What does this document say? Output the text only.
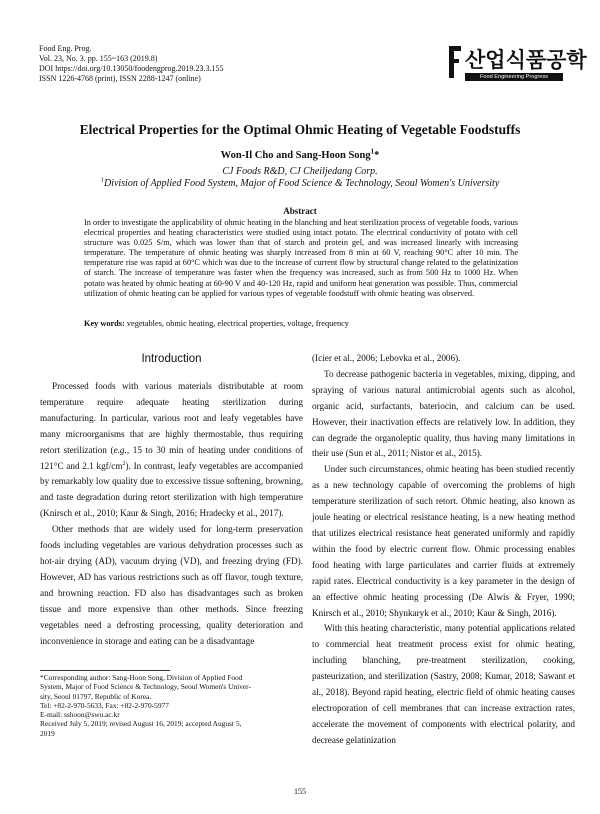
Food Eng. Prog.
Vol. 23, No. 3. pp. 155~163 (2019.8)
DOI https://doi.org/10.13050/foodengprog.2019.23.3.155
ISSN 1226-4768 (print), ISSN 2288-1247 (online)
산업식품공학
Food Engineering Progress
Electrical Properties for the Optimal Ohmic Heating of Vegetable Foodstuffs
Won-Il Cho and Sang-Hoon Song$^1$*
CJ Foods R&D, CJ Cheiljedang Corp.
$^1$Division of Applied Food System, Major of Food Science & Technology, Seoul Women's University
Abstract
In order to investigate the applicability of ohmic heating in the blanching and heat sterilization process of vegetable foods, various electrical properties and heating characteristics were studied using intact potato. The electrical conductivity of potato with cell structure was 0.025 S/m, which was lower than that of starch and protein gel, and was increased linearly with increasing temperature. The temperature of ohmic heating was sharply increased from 8 min at 60 V, reaching 90°C after 10 min. The temperature rise was rapid at 60°C which was due to the increase of current flow by structural change related to the gelatinization of starch. The increase of temperature was faster when the frequency was increased, such as from 500 Hz to 1000 Hz. When potato was heated by ohmic heating at 60-90 V and 40-120 Hz, rapid and uniform heat generation was possible. Thus, commercial utilization of ohmic heating can be applied for various types of vegetable foodstuff with ohmic heating was observed.
Key words: vegetables, ohmic heating, electrical properties, voltage, frequency
Introduction

Processed foods with various materials distributable at room temperature require adequate heating sterilization during manufacturing. In particular, various root and leafy vegetables have many microorganisms that are highly thermostable, thus requiring retort sterilization (e.g., 15 to 30 min of heating under conditions of 121°C and 2.1 kgf/$cm^2$). In contrast, leafy vegetables are accompanied by remarkably low quality due to excessive tissue softening, browning, and taste degradation during retort sterilization with high temperature (Knirsch et al., 2010; Kaur & Singh, 2016; Hradecky et al., 2017).

Other methods that are widely used for long-term preservation foods including vegetables are various dehydration processes such as hot-air drying (AD), vacuum drying (VD), and freezing drying (FD). However, AD has various restrictions such as off flavor, tough texture, and browning reaction. FD also has disadvantages such as broken tissue and more expensive than other methods. Since freezing vegetables need a defrosting processing, quality deterioration and inconvenience in storage and eating can be a disadvantage

(Icier et al., 2006; Lebovka et al., 2006).

To decrease pathogenic bacteria in vegetables, mixing, dipping, and spraying of various natural antimicrobial agents such as alcohol, organic acid, surfactants, bateriocin, and calcium can be used. However, their inactivation effects are relatively low. In addition, they can degrade the organoleptic quality, thus having many limitations in their use (Sun et al., 2011; Nistor et al., 2015).

Under such circumstances, ohmic heating has been studied recently as a new technology capable of overcoming the problems of high temperature sterilization of such retort. Ohmic heating, also known as joule heating or electrical resistance heating, is a new heating method that utilizes electrical resistance heat generated uniformly and rapidly within the food by electric current flow. Ohmic processing enables food heating with large particulates and carrier fluids at extremely rapid rates. Electrical conductivity is a key parameter in the design of an effective ohmic heating processing (De Alwis & Fryer, 1990; Knirsch et al., 2010; Shynkaryk et al., 2010; Kaur & Singh, 2016).

With this heating characteristic, many potential applications related to commercial heat treatment process exist for ohmic heating, including blanching, pre-treatment sterilization, cooking, pasteurization, and sterilization (Sastry, 2008; Kumar, 2018; Sawant et al., 2018). Beyond rapid heating, electric field of ohmic heating causes electroporation of cell membranes that can increase extraction rates, accelerate the movement of components with electrical polarity, and decrease gelatinization

*Corresponding author: Sang-Hoon Song, Division of Applied Food
System, Major of Food Science & Technology, Seoul Women's Univer-
sity, Seoul 01797, Republic of Korea.
Tel: +82-2-970-5633, Fax: +82-2-970-5977
E-mail: sshoon@swu.ac.kr
Received July 5, 2019; revised August 16, 2019; accepted August 5,
2019
155
